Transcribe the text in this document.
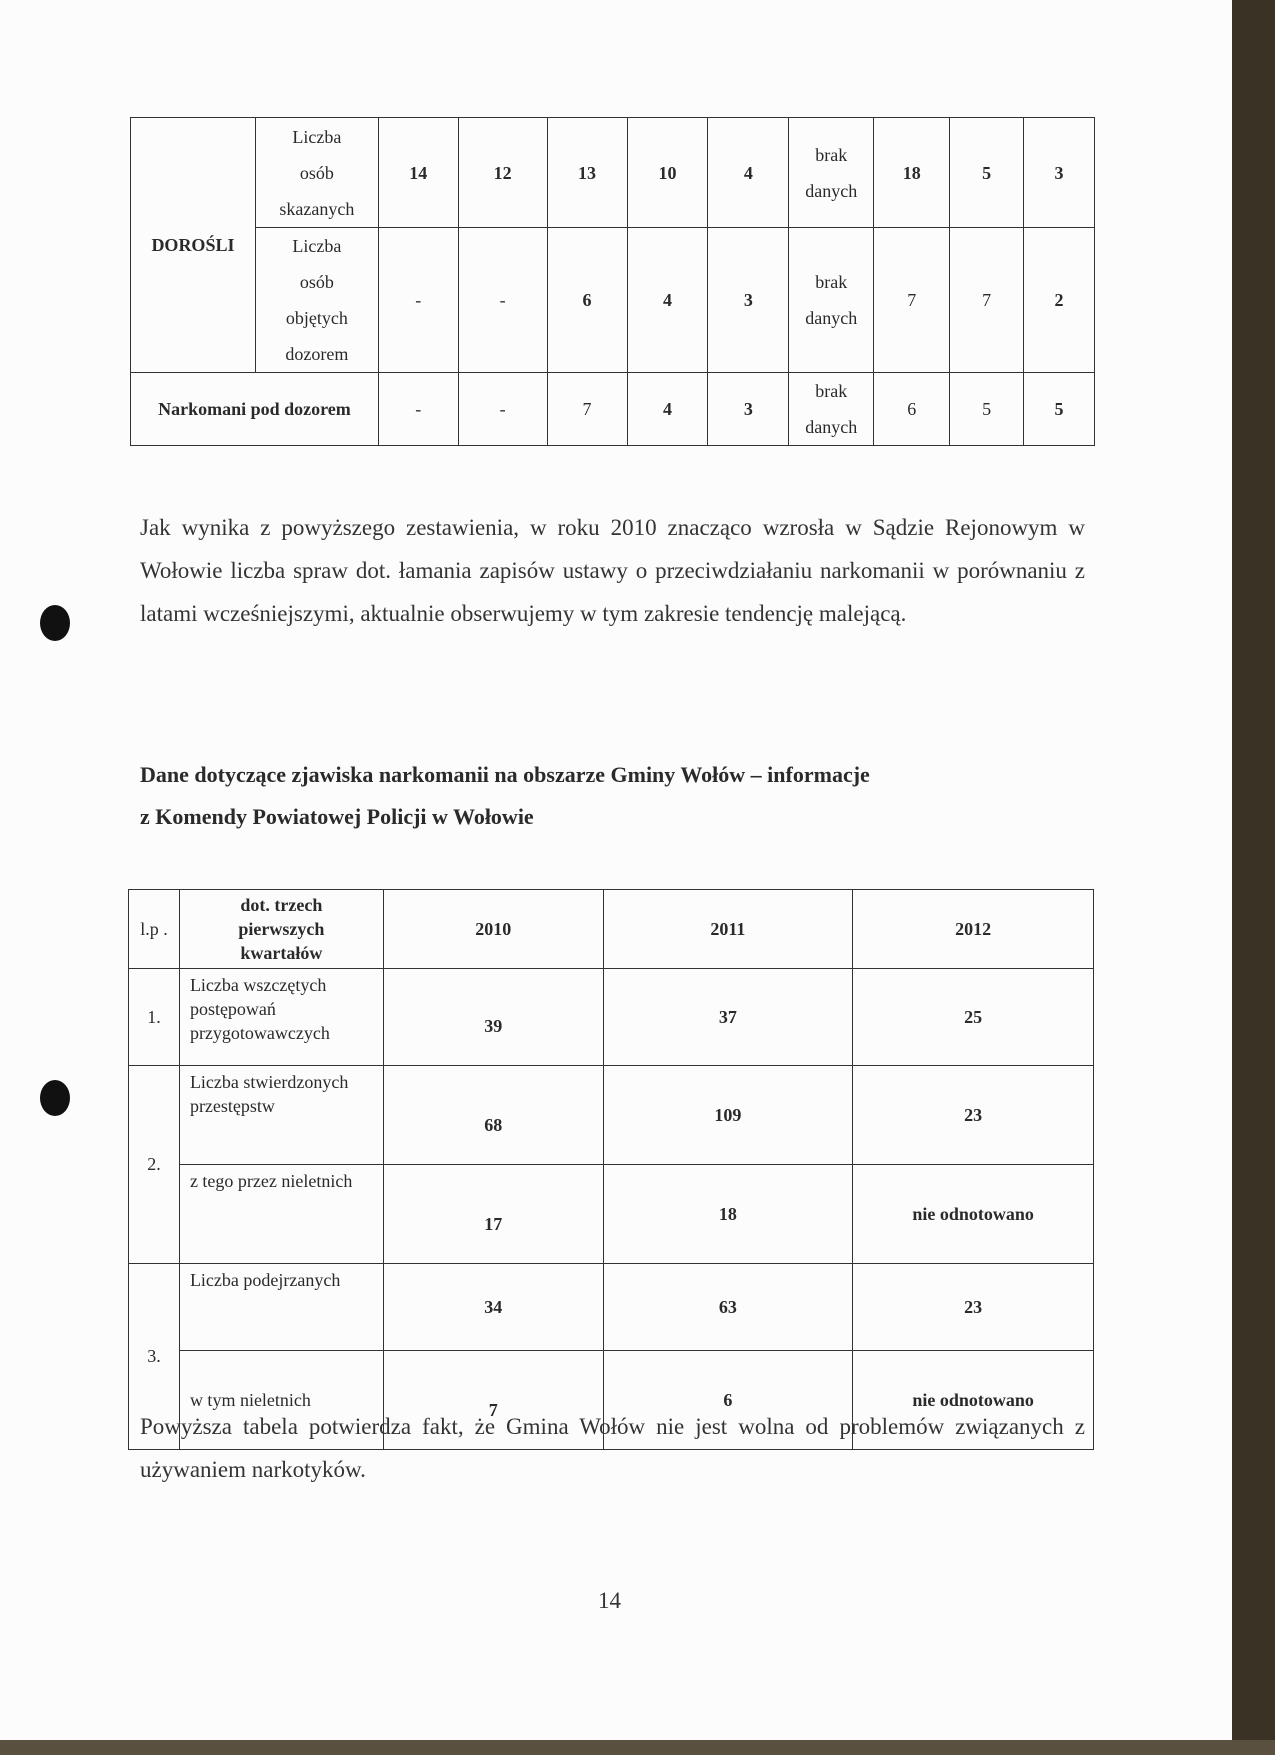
DOROŚLI	Liczba
osób
skazanych	14	12	13	10	4	brak danych	18	5	3

	Liczba
osób
objętych
dozorem	-	-	6	4	3	brak danych	7	7	2
Narkomani pod dozorem		-	-	7	4	3	brak danych	6	5	5

Jak wynika z powyższego zestawienia, w roku 2010 znacząco wzrosła w Sądzie Rejonowym w Wołowie liczba spraw dot. łamania zapisów ustawy o przeciwdziałaniu narkomanii w porównaniu z latami wcześniejszymi, aktualnie obserwujemy w tym zakresie tendencję malejącą.

Dane dotyczące zjawiska narkomanii na obszarze Gminy Wołów – informacje
z Komendy Powiatowej Policji w Wołowie
l.p .	dot. trzech pierwszych kwartałów	2010	2011	2012
1.	Liczba wszczętych postępowań przygotowawczych	39	37	25
2.	Liczba stwierdzonych przestępstw	68	109	23
	z tego przez nieletnich	17	18	nie odnotowano
3.	Liczba podejrzanych	34	63	23
	w tym nieletnich	7	6	nie odnotowano

Powyższa tabela potwierdza fakt, że Gmina Wołów nie jest wolna od problemów związanych z używaniem narkotyków.

14
